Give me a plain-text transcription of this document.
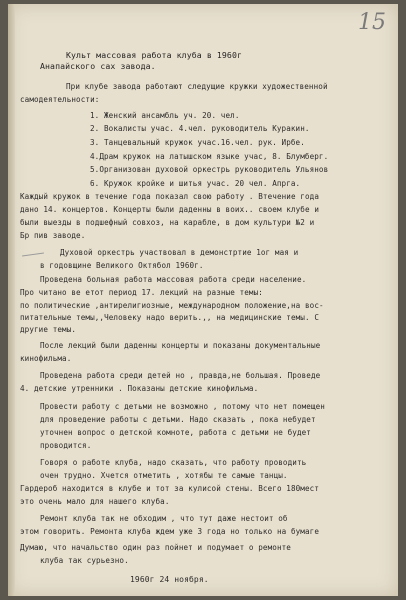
15
Культ массовая работа клуба в 1960г
Анапайского сах завода.
При клубе завода работают следущие кружки художественной
самодеятельности:
1. Женский ансамбль уч. 20. чел.
2. Вокалисты учас. 4.чел. руководитель Куракин.
3. Танцевальный кружок учас.16.чел. рук. Ирбе.
4.Драм кружок на латышском языке учас, 8. Блумберг.
5.Организован духовой оркестрь руководитель Ульянов
6. Кружок кройке и шитья учас. 20 чел. Апрга.
Каждый кружок в течение года показал свою работу . Втечение года
дано 14. концертов. Концерты были даденны в воих.. своем клубе и
были выезды в подшефный совхоз, на карабле, в дом культури №2 и
Бр пив заводе.
Духовой оркестрь участвовал в демонстртие 1ог мая и
в годовщине Великого Октябол 1960г.
Проведена больная работа массовая работа среди население.
Про читано ве етот период 17. лекций на разные темы:
по политические ,антирелигиозные, международном положение,на вос-
питательные темы,,Человеку надо верить.,, на медицинские темы. С
другие темы.
После лекций были даденны концерты и показаны документальные
кинофильма.
Проведена работа среди детей но , правда,не большая. Проведе
4. детские утренники . Показаны детские кинофильма.
Провести работу с детьми не возможно , потому что нет помещен
для проведение работы с детьми. Надо сказать , пока небудет
уточнен вопрос о детской комноте, работа с детьми не будет
проводится.
Говоря о работе клуба, надо сказать, что работу проводить
очен трудно. Хчется отметить , хотябы те самые танцы.
Гардероб находится в клубе и тот за кулисой стены. Всего 180мест
это очень мало для нашего клуба.
Ремонт клуба так не обходим , что тут даже нестоит об
этом говорить. Ремонта клуба ждем уже 3 года но только на бумаге
Думаю, что начальство один раз пойнет и подумает о ремонте
клуба так сурьезно.
1960г 24 ноября.
